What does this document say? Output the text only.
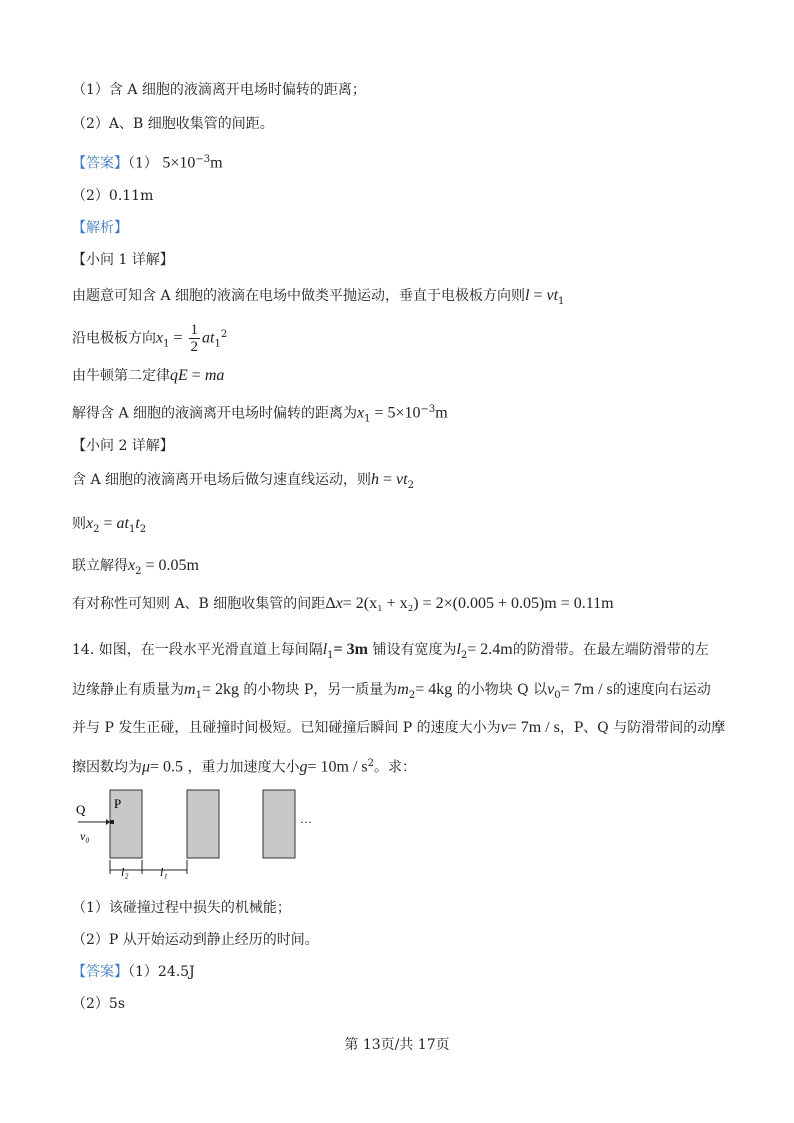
（1）含 A 细胞的液滴离开电场时偏转的距离；
（2）A、B 细胞收集管的间距。
【答案】（1） $5\times 10^{-3}m$
（2）0.11m
【解析】
【小问 1 详解】
由题意可知含 A 细胞的液滴在电场中做类平抛运动，垂直于电极板方向则$l = vt_1$
沿电极板方向$x_1 = \frac{1}{2} at_1^2$
由牛顿第二定律qE = ma
解得含 A 细胞的液滴离开电场时偏转的距离为$x_1 = 5\times 10^{-3}m$
【小问 2 详解】
含 A 细胞的液滴离开电场后做匀速直线运动，则$h = vt_2$
则$x_2 = at_1t_2$
联立解得$x_2 = 0.05m$
有对称性可知则 A、B 细胞收集管的间距Δx= 2(x₁ + x₂) = 2×(0.005 + 0.05)m = 0.11m
14. 如图，在一段水平光滑直道上每间隔$l_1= 3m$ 铺设有宽度为$l_2= 2.4m$的防滑带。在最左端防滑带的左
边缘静止有质量为$m_1= 2kg$ 的小物块 P，另一质量为$m_2= 4kg$ 的小物块 Q 以$v_0= 7m / s$的速度向右运动
并与 P 发生正碰，且碰撞时间极短。已知碰撞后瞬间 P 的速度大小为v= 7m / s，P、Q 与防滑带间的动摩
擦因数均为μ= 0.5 ，重力加速度大小$g= 10m / s^2$。求：
Q P
v₀
···
l₂	l₁
（1）该碰撞过程中损失的机械能；
（2）P 从开始运动到静止经历的时间。
【答案】（1）24.5J
（2）5s
第 13页/共 17页
